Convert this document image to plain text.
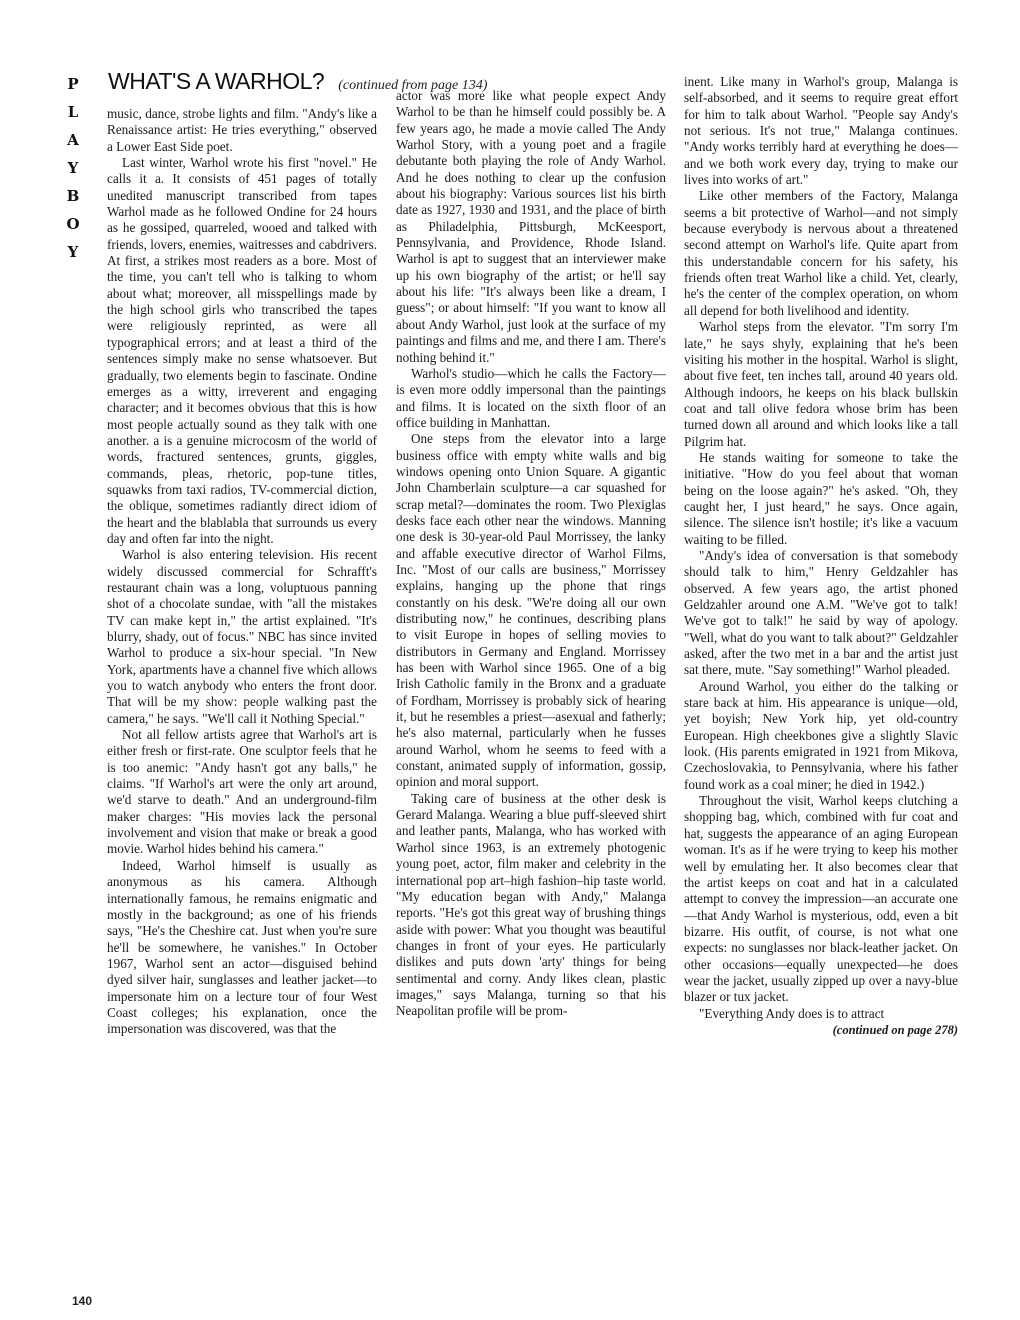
P
L
A
Y
B
O
Y
WHAT'S A WARHOL? (continued from page 134)

music, dance, strobe lights and film. "Andy's like a Renaissance artist: He tries everything," observed a Lower East Side poet.

Last winter, Warhol wrote his first "novel." He calls it a. It consists of 451 pages of totally unedited manuscript transcribed from tapes Warhol made as he followed Ondine for 24 hours as he gossiped, quarreled, wooed and talked with friends, lovers, enemies, waitresses and cabdrivers. At first, a strikes most readers as a bore. Most of the time, you can't tell who is talking to whom about what; moreover, all misspellings made by the high school girls who transcribed the tapes were religiously reprinted, as were all typographical errors; and at least a third of the sentences simply make no sense whatsoever. But gradually, two elements begin to fascinate. Ondine emerges as a witty, irreverent and engaging character; and it becomes obvious that this is how most people actually sound as they talk with one another. a is a genuine microcosm of the world of words, fractured sentences, grunts, giggles, commands, pleas, rhetoric, pop-tune titles, squawks from taxi radios, TV-commercial diction, the oblique, sometimes radiantly direct idiom of the heart and the blablabla that surrounds us every day and often far into the night.

Warhol is also entering television. His recent widely discussed commercial for Schrafft's restaurant chain was a long, voluptuous panning shot of a chocolate sundae, with "all the mistakes TV can make kept in," the artist explained. "It's blurry, shady, out of focus." NBC has since invited Warhol to produce a six-hour special. "In New York, apartments have a channel five which allows you to watch anybody who enters the front door. That will be my show: people walking past the camera," he says. "We'll call it Nothing Special."

Not all fellow artists agree that Warhol's art is either fresh or first-rate. One sculptor feels that he is too anemic: "Andy hasn't got any balls," he claims. "If Warhol's art were the only art around, we'd starve to death." And an underground-film maker charges: "His movies lack the personal involvement and vision that make or break a good movie. Warhol hides behind his camera."

Indeed, Warhol himself is usually as anonymous as his camera. Although internationally famous, he remains enigmatic and mostly in the background; as one of his friends says, "He's the Cheshire cat. Just when you're sure he'll be somewhere, he vanishes." In October 1967, Warhol sent an actor—disguised behind dyed silver hair, sunglasses and leather jacket—to impersonate him on a lecture tour of four West Coast colleges; his explanation, once the impersonation was discovered, was that the

actor was more like what people expect Andy Warhol to be than he himself could possibly be. A few years ago, he made a movie called The Andy Warhol Story, with a young poet and a fragile debutante both playing the role of Andy Warhol. And he does nothing to clear up the confusion about his biography: Various sources list his birth date as 1927, 1930 and 1931, and the place of birth as Philadelphia, Pittsburgh, McKeesport, Pennsylvania, and Providence, Rhode Island. Warhol is apt to suggest that an interviewer make up his own biography of the artist; or he'll say about his life: "It's always been like a dream, I guess"; or about himself: "If you want to know all about Andy Warhol, just look at the surface of my paintings and films and me, and there I am. There's nothing behind it."

Warhol's studio—which he calls the Factory—is even more oddly impersonal than the paintings and films. It is located on the sixth floor of an office building in Manhattan.

One steps from the elevator into a large business office with empty white walls and big windows opening onto Union Square. A gigantic John Chamberlain sculpture—a car squashed for scrap metal?—dominates the room. Two Plexiglas desks face each other near the windows. Manning one desk is 30-year-old Paul Morrissey, the lanky and affable executive director of Warhol Films, Inc. "Most of our calls are business," Morrissey explains, hanging up the phone that rings constantly on his desk. "We're doing all our own distributing now," he continues, describing plans to visit Europe in hopes of selling movies to distributors in Germany and England. Morrissey has been with Warhol since 1965. One of a big Irish Catholic family in the Bronx and a graduate of Fordham, Morrissey is probably sick of hearing it, but he resembles a priest—asexual and fatherly; he's also maternal, particularly when he fusses around Warhol, whom he seems to feed with a constant, animated supply of information, gossip, opinion and moral support.

Taking care of business at the other desk is Gerard Malanga. Wearing a blue puff-sleeved shirt and leather pants, Malanga, who has worked with Warhol since 1963, is an extremely photogenic young poet, actor, film maker and celebrity in the international pop art–high fashion–hip taste world. "My education began with Andy," Malanga reports. "He's got this great way of brushing things aside with power: What you thought was beautiful changes in front of your eyes. He particularly dislikes and puts down 'arty' things for being sentimental and corny. Andy likes clean, plastic images," says Malanga, turning so that his Neapolitan profile will be prom-

inent. Like many in Warhol's group, Malanga is self-absorbed, and it seems to require great effort for him to talk about Warhol. "People say Andy's not serious. It's not true," Malanga continues. "Andy works terribly hard at everything he does—and we both work every day, trying to make our lives into works of art."

Like other members of the Factory, Malanga seems a bit protective of Warhol—and not simply because everybody is nervous about a threatened second attempt on Warhol's life. Quite apart from this understandable concern for his safety, his friends often treat Warhol like a child. Yet, clearly, he's the center of the complex operation, on whom all depend for both livelihood and identity.

Warhol steps from the elevator. "I'm sorry I'm late," he says shyly, explaining that he's been visiting his mother in the hospital. Warhol is slight, about five feet, ten inches tall, around 40 years old. Although indoors, he keeps on his black bullskin coat and tall olive fedora whose brim has been turned down all around and which looks like a tall Pilgrim hat.

He stands waiting for someone to take the initiative. "How do you feel about that woman being on the loose again?" he's asked. "Oh, they caught her, I just heard," he says. Once again, silence. The silence isn't hostile; it's like a vacuum waiting to be filled.

"Andy's idea of conversation is that somebody should talk to him," Henry Geldzahler has observed. A few years ago, the artist phoned Geldzahler around one A.M. "We've got to talk! We've got to talk!" he said by way of apology. "Well, what do you want to talk about?" Geldzahler asked, after the two met in a bar and the artist just sat there, mute. "Say something!" Warhol pleaded.

Around Warhol, you either do the talking or stare back at him. His appearance is unique—old, yet boyish; New York hip, yet old-country European. High cheekbones give a slightly Slavic look. (His parents emigrated in 1921 from Mikova, Czechoslovakia, to Pennsylvania, where his father found work as a coal miner; he died in 1942.)

Throughout the visit, Warhol keeps clutching a shopping bag, which, combined with fur coat and hat, suggests the appearance of an aging European woman. It's as if he were trying to keep his mother well by emulating her. It also becomes clear that the artist keeps on coat and hat in a calculated attempt to convey the impression—an accurate one—that Andy Warhol is mysterious, odd, even a bit bizarre. His outfit, of course, is not what one expects: no sunglasses nor black-leather jacket. On other occasions—equally unexpected—he does wear the jacket, usually zipped up over a navy-blue blazer or tux jacket.

"Everything Andy does is to attract

(continued on page 278)
140
